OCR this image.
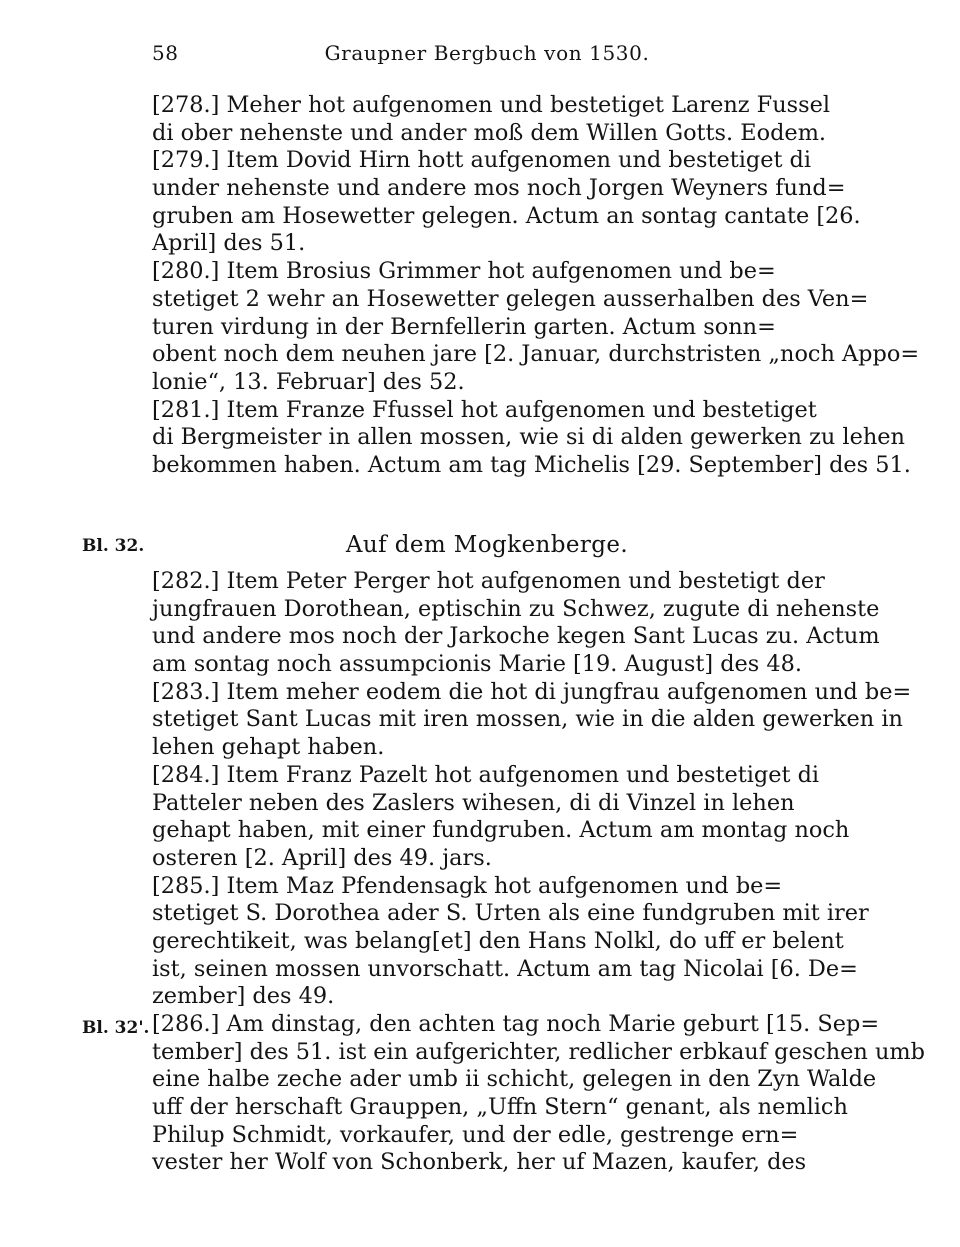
58	Graupner Bergbuch von 1530.
[278.] Meher hot aufgenomen und bestetiget Larenz Fussel
di ober nehenste und ander moß dem Willen Gotts. Eodem.
[279.] Item Dovid Hirn hott aufgenomen und bestetiget di
under nehenste und andere mos noch Jorgen Weyners fund=
gruben am Hosewetter gelegen. Actum an sontag cantate [26.
April] des 51.
[280.] Item Brosius Grimmer hot aufgenomen und be=
stetiget 2 wehr an Hosewetter gelegen ausserhalben des Ven=
turen virdung in der Bernfellerin garten. Actum sonn=
obent noch dem neuhen jare [2. Januar, durchstristen „noch Appo=
lonie“, 13. Februar] des 52.
[281.] Item Franze Ffussel hot aufgenomen und bestetiget
di Bergmeister in allen mossen, wie si di alden gewerken zu lehen
bekommen haben. Actum am tag Michelis [29. September] des 51.
Bl. 32.	Auf dem Mogkenberge.
[282.] Item Peter Perger hot aufgenomen und bestetigt der
jungfrauen Dorothean, eptischin zu Schwez, zugute di nehenste
und andere mos noch der Jarkoche kegen Sant Lucas zu. Actum
am sontag noch assumpcionis Marie [19. August] des 48.
[283.] Item meher eodem die hot di jungfrau aufgenomen und be=
stetiget Sant Lucas mit iren mossen, wie in die alden gewerken in
lehen gehapt haben.
[284.] Item Franz Pazelt hot aufgenomen und bestetiget di
Patteler neben des Zaslers wihesen, di di Vinzel in lehen
gehapt haben, mit einer fundgruben. Actum am montag noch
osteren [2. April] des 49. jars.
[285.] Item Maz Pfendensagk hot aufgenomen und be=
stetiget S. Dorothea ader S. Urten als eine fundgruben mit irer
gerechtikeit, was belang[et] den Hans Nolkl, do uff er belent
ist, seinen mossen unvorschatt. Actum am tag Nicolai [6. De=
zember] des 49.
[286.] Am dinstag, den achten tag noch Marie geburt [15. Sep=
tember] des 51. ist ein aufgerichter, redlicher erbkauf geschen umb
eine halbe zeche ader umb ii schicht, gelegen in den Zyn Walde
uff der herschaft Grauppen, „Uffn Stern“ genant, als nemlich
Philup Schmidt, vorkaufer, und der edle, gestrenge ern=
vester her Wolf von Schonberk, her uf Mazen, kaufer, des
Bl. 32'.
